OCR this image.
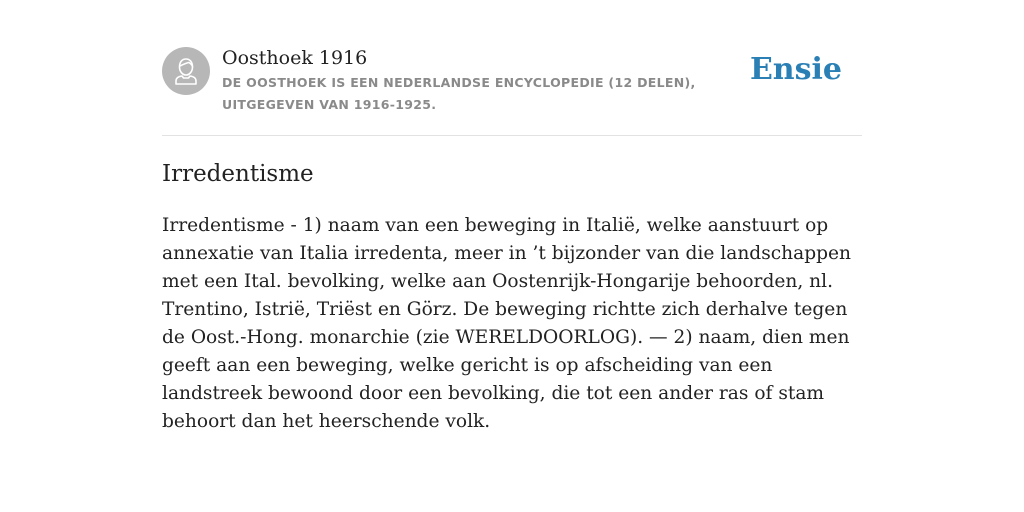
Oosthoek 1916

DE OOSTHOEK IS EEN NEDERLANDSE ENCYCLOPEDIE (12 DELEN), UITGEGEVEN VAN 1916-1925.

Ensie
Irredentisme

Irredentisme - 1) naam van een beweging in Italië, welke aanstuurt op annexatie van Italia irredenta, meer in ’t bijzonder van die landschappen met een Ital. bevolking, welke aan Oostenrijk-Hongarije behoorden, nl. Trentino, Istrië, Triëst en Görz. De beweging richtte zich derhalve tegen de Oost.-Hong. monarchie (zie WERELDOORLOG). — 2) naam, dien men geeft aan een beweging, welke gericht is op afscheiding van een landstreek bewoond door een bevolking, die tot een ander ras of stam behoort dan het heerschende volk.
